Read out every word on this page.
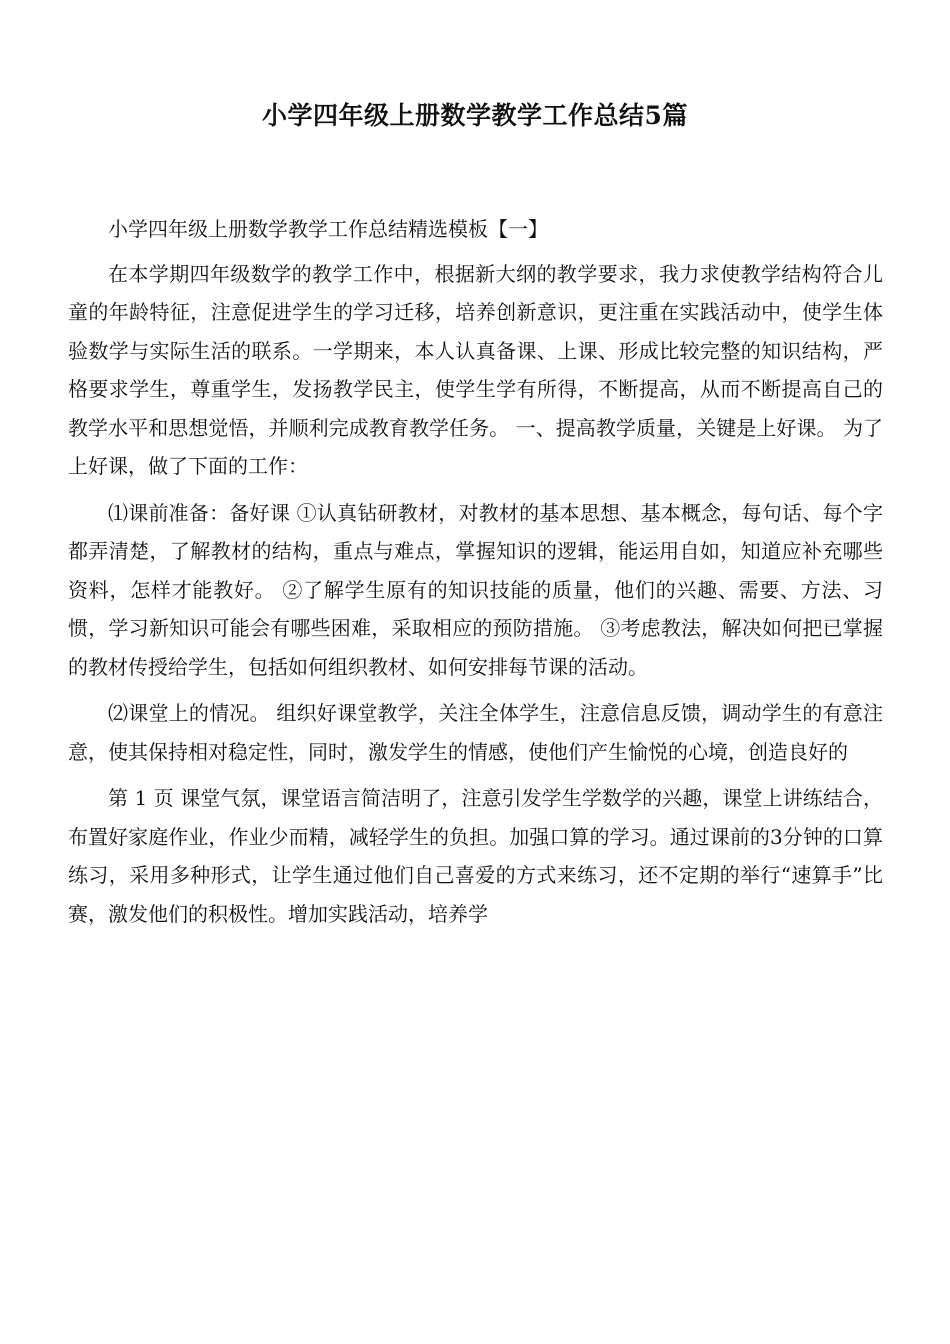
小学四年级上册数学教学工作总结5篇

小学四年级上册数学教学工作总结精选模板【一】

在本学期四年级数学的教学工作中，根据新大纲的教学要求，我力求使教学结构符合儿童的年龄特征，注意促进学生的学习迁移，培养创新意识，更注重在实践活动中，使学生体验数学与实际生活的联系。一学期来，本人认真备课、上课、形成比较完整的知识结构，严格要求学生，尊重学生，发扬教学民主，使学生学有所得，不断提高，从而不断提高自己的教学水平和思想觉悟，并顺利完成教育教学任务。 一、提高教学质量，关键是上好课。 为了上好课，做了下面的工作：

⑴课前准备：备好课 ①认真钻研教材，对教材的基本思想、基本概念，每句话、每个字都弄清楚，了解教材的结构，重点与难点，掌握知识的逻辑，能运用自如，知道应补充哪些资料，怎样才能教好。 ②了解学生原有的知识技能的质量，他们的兴趣、需要、方法、习惯，学习新知识可能会有哪些困难，采取相应的预防措施。 ③考虑教法，解决如何把已掌握的教材传授给学生，包括如何组织教材、如何安排每节课的活动。

⑵课堂上的情况。 组织好课堂教学，关注全体学生，注意信息反馈，调动学生的有意注意，使其保持相对稳定性，同时，激发学生的情感，使他们产生愉悦的心境，创造良好的

第 1 页 课堂气氛，课堂语言简洁明了，注意引发学生学数学的兴趣，课堂上讲练结合，布置好家庭作业，作业少而精，减轻学生的负担。加强口算的学习。通过课前的3分钟的口算练习，采用多种形式，让学生通过他们自己喜爱的方式来练习，还不定期的举行“速算手”比赛，激发他们的积极性。增加实践活动，培养学
